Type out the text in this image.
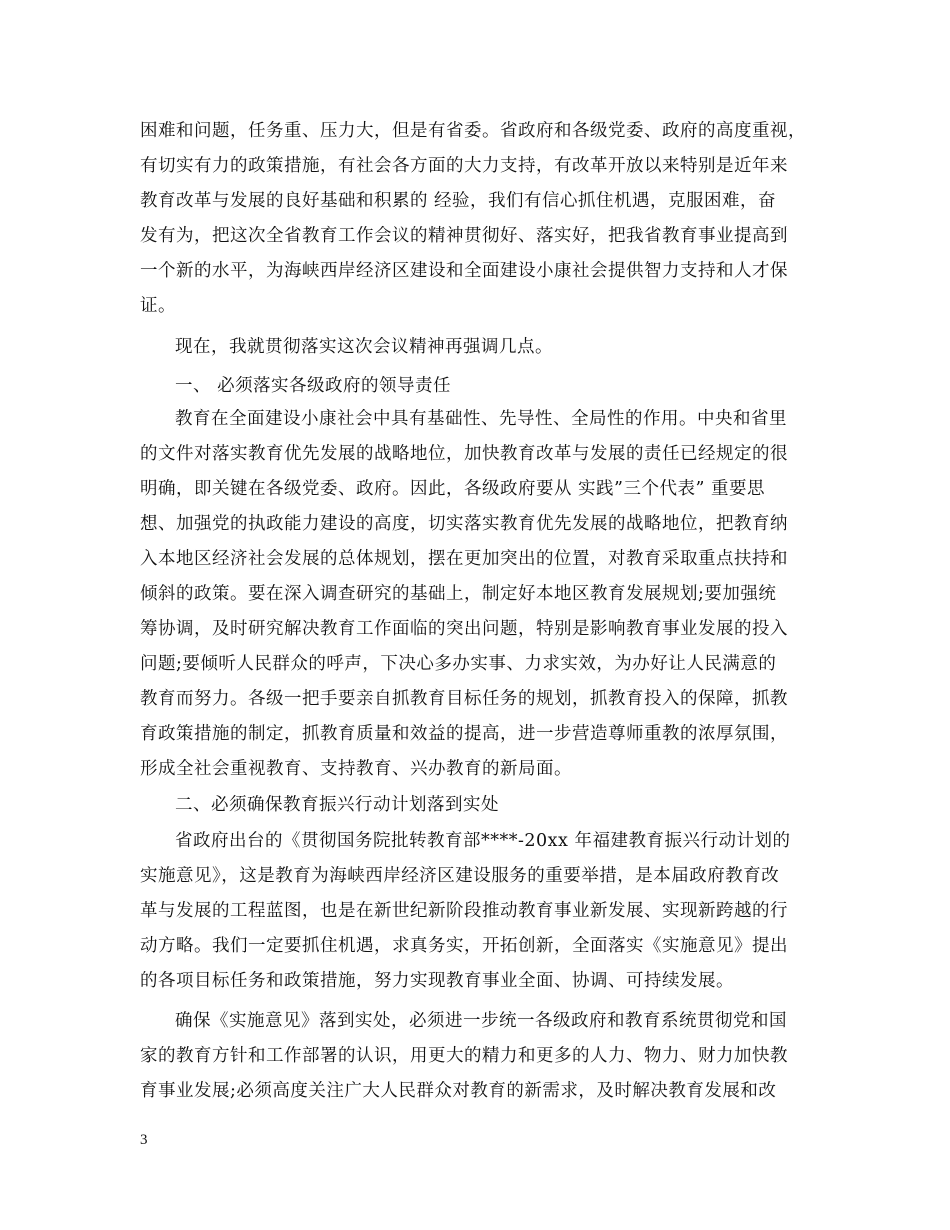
困难和问题，任务重、压力大，但是有省委。省政府和各级党委、政府的高度重视，
有切实有力的政策措施，有社会各方面的大力支持，有改革开放以来特别是近年来
教育改革与发展的良好基础和积累的 经验，我们有信心抓住机遇，克服困难，奋
发有为，把这次全省教育工作会议的精神贯彻好、落实好，把我省教育事业提高到
一个新的水平，为海峡西岸经济区建设和全面建设小康社会提供智力支持和人才保
证。
现在，我就贯彻落实这次会议精神再强调几点。
一、 必须落实各级政府的领导责任
教育在全面建设小康社会中具有基础性、先导性、全局性的作用。中央和省里
的文件对落实教育优先发展的战略地位，加快教育改革与发展的责任已经规定的很
明确，即关键在各级党委、政府。因此，各级政府要从 实践”三个代表” 重要思
想、加强党的执政能力建设的高度，切实落实教育优先发展的战略地位，把教育纳
入本地区经济社会发展的总体规划，摆在更加突出的位置，对教育采取重点扶持和
倾斜的政策。要在深入调查研究的基础上，制定好本地区教育发展规划;要加强统
筹协调，及时研究解决教育工作面临的突出问题，特别是影响教育事业发展的投入
问题;要倾听人民群众的呼声，下决心多办实事、力求实效，为办好让人民满意的
教育而努力。各级一把手要亲自抓教育目标任务的规划，抓教育投入的保障，抓教
育政策措施的制定，抓教育质量和效益的提高，进一步营造尊师重教的浓厚氛围，
形成全社会重视教育、支持教育、兴办教育的新局面。
二、必须确保教育振兴行动计划落到实处
省政府出台的《贯彻国务院批转教育部****-20xx 年福建教育振兴行动计划的
实施意见》，这是教育为海峡西岸经济区建设服务的重要举措，是本届政府教育改
革与发展的工程蓝图，也是在新世纪新阶段推动教育事业新发展、实现新跨越的行
动方略。我们一定要抓住机遇，求真务实，开拓创新，全面落实《实施意见》提出
的各项目标任务和政策措施，努力实现教育事业全面、协调、可持续发展。
确保《实施意见》落到实处，必须进一步统一各级政府和教育系统贯彻党和国
家的教育方针和工作部署的认识，用更大的精力和更多的人力、物力、财力加快教
育事业发展;必须高度关注广大人民群众对教育的新需求，及时解决教育发展和改
3
